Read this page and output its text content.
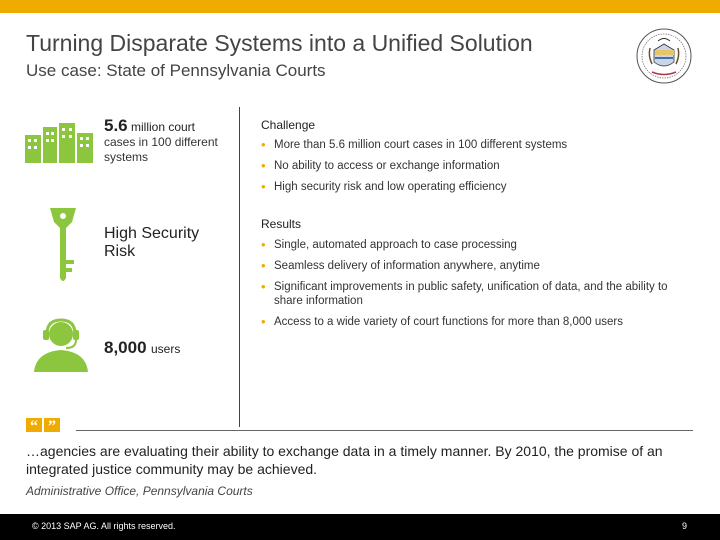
Turning Disparate Systems into a Unified Solution
Use case: State of Pennsylvania Courts
5.6 million court
cases in 100 different systems
High Security Risk
8,000 users
Challenge
• More than 5.6 million court cases in 100 different systems
• No ability to access or exchange information
• High security risk and low operating efficiency
Results
• Single, automated approach to case processing
• Seamless delivery of information anywhere, anytime
• Significant improvements in public safety, unification of data, and the ability to share information
• Access to a wide variety of court functions for more than 8,000 users
“ ”
…agencies are evaluating their ability to exchange data in a timely manner. By 2010, the promise of an integrated justice community may be achieved.
Administrative Office, Pennsylvania Courts
© 2013 SAP AG. All rights reserved.	9
